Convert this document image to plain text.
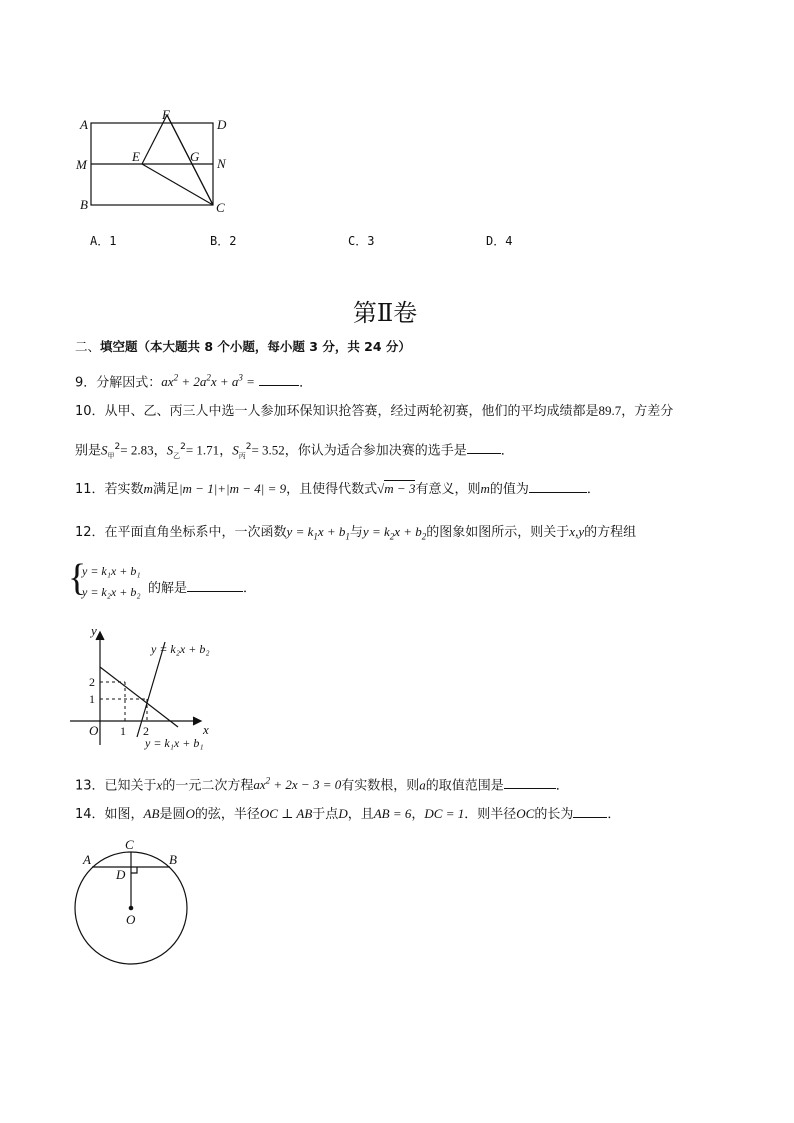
A	D
F
M
E	G N
B	C
A．1	B．2	C．3	D．4
第Ⅱ卷
二、填空题（本大题共 8 个小题，每小题 3 分，共 24 分）
9．分解因式：$ax^2 + 2a^2x + a^3$ =	．
10．从甲、乙、丙三人中选一人参加环保知识抢答赛，经过两轮初赛，他们的平均成绩都是89.7，方差分
别是$S_甲^2= 2.83$，$S_乙^2= 1.71$，$S_丙^2= 3.52$，你认为适合参加决赛的选手是	．
11．若实数m满足|m − 1|+|m − 4| = 9，且使得代数式√m − 3有意义，则m的值为	．
12．在平面直角坐标系中，一次函数$y = k_1x + b_1$与$y = k_2x + b_2$的图象如图所示，则关于x,y的方程组
{
y = k₁x + b₁
y = k₂x + b₂ 的解是	．
y
x
O 1 2
2
1
y = k₂x + b₂
y = k₁x + b₁
13．已知关于x的一元二次方程$ax^2 + 2x - 3 = 0$有实数根，则a的取值范围是	．
14．如图，AB是圆O的弦，半径OC ⊥ AB于点D，且AB = 6，DC = 1．则半径OC的长为	．
A	B
C
D
O
